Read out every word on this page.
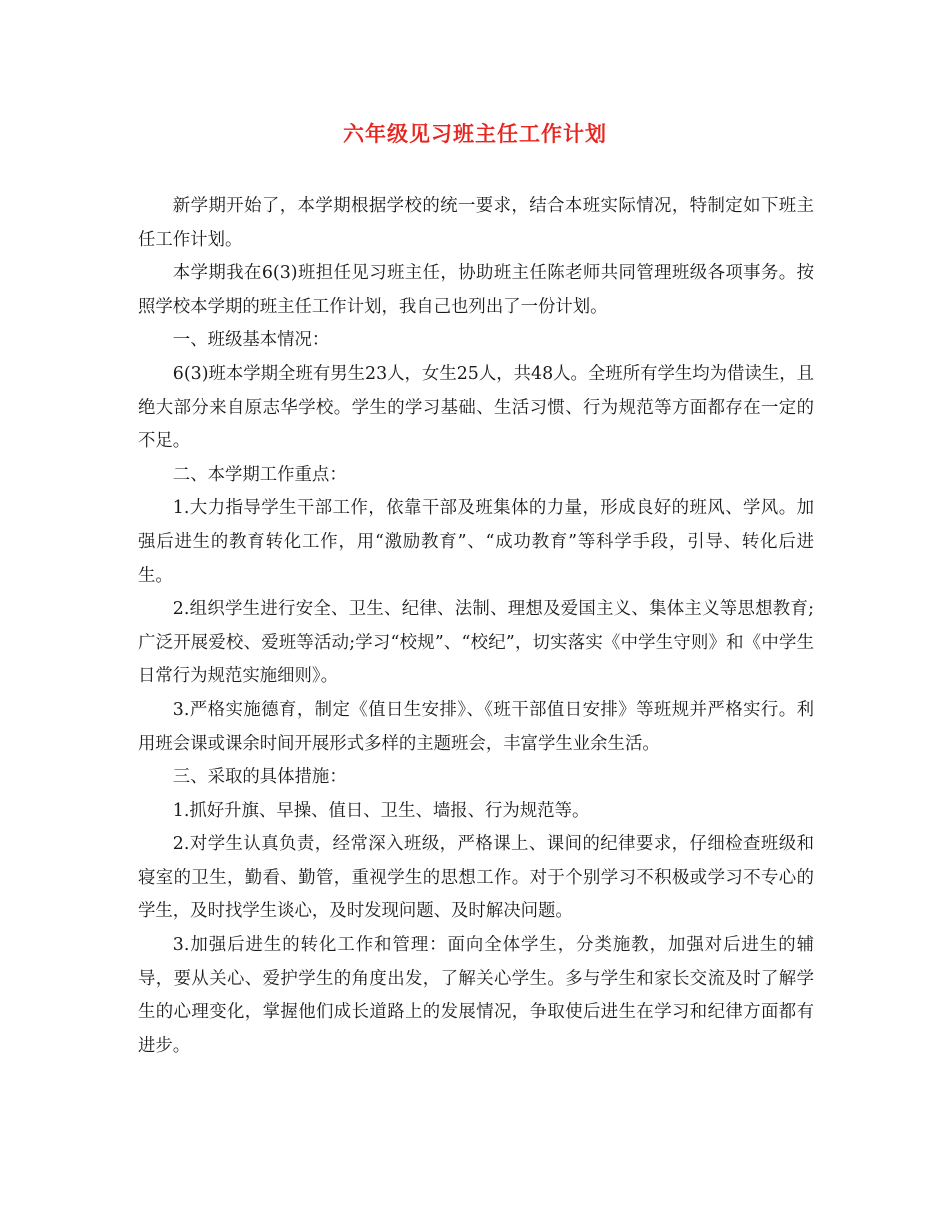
六年级见习班主任工作计划

新学期开始了，本学期根据学校的统一要求，结合本班实际情况，特制定如下班主任工作计划。

本学期我在6(3)班担任见习班主任，协助班主任陈老师共同管理班级各项事务。按照学校本学期的班主任工作计划，我自己也列出了一份计划。

一、班级基本情况：

6(3)班本学期全班有男生23人，女生25人，共48人。全班所有学生均为借读生，且绝大部分来自原志华学校。学生的学习基础、生活习惯、行为规范等方面都存在一定的不足。

二、本学期工作重点：

1.大力指导学生干部工作，依靠干部及班集体的力量，形成良好的班风、学风。加强后进生的教育转化工作，用“激励教育”、“成功教育”等科学手段，引导、转化后进生。

2.组织学生进行安全、卫生、纪律、法制、理想及爱国主义、集体主义等思想教育;广泛开展爱校、爱班等活动;学习“校规”、“校纪”，切实落实《中学生守则》和《中学生日常行为规范实施细则》。

3.严格实施德育，制定《值日生安排》、《班干部值日安排》等班规并严格实行。利用班会课或课余时间开展形式多样的主题班会，丰富学生业余生活。

三、采取的具体措施：

1.抓好升旗、早操、值日、卫生、墙报、行为规范等。

2.对学生认真负责，经常深入班级，严格课上、课间的纪律要求，仔细检查班级和寝室的卫生，勤看、勤管，重视学生的思想工作。对于个别学习不积极或学习不专心的学生，及时找学生谈心，及时发现问题、及时解决问题。

3.加强后进生的转化工作和管理：面向全体学生，分类施教，加强对后进生的辅导，要从关心、爱护学生的角度出发，了解关心学生。多与学生和家长交流及时了解学生的心理变化，掌握他们成长道路上的发展情况，争取使后进生在学习和纪律方面都有进步。
